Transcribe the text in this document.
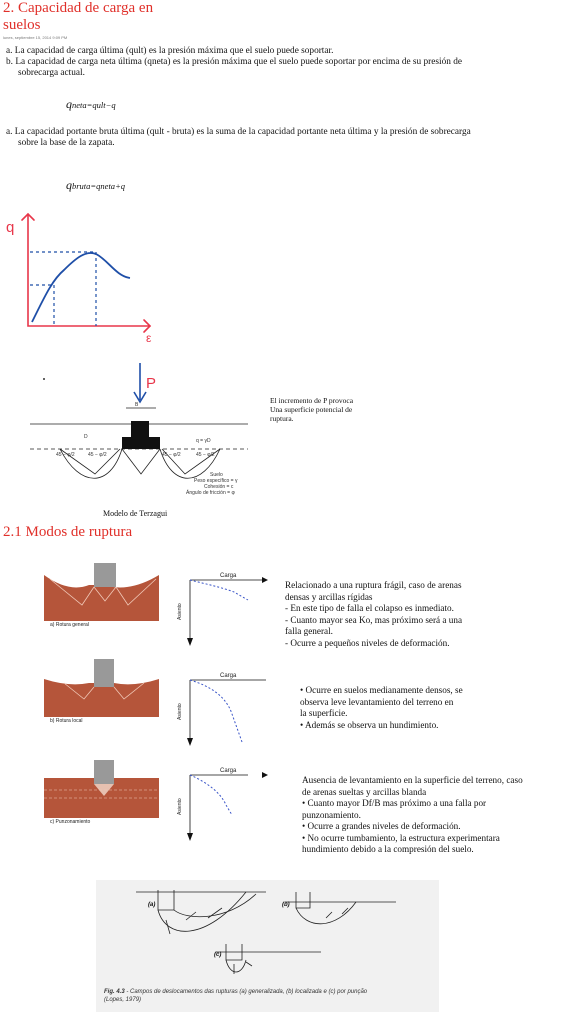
2. Capacidad de carga en
suelos
lunes, septiembre 15, 2014 9:09 PM
a. La capacidad de carga última (qult) es la presión máxima que el suelo puede soportar.
b. La capacidad de carga neta última (qneta) es la presión máxima que el suelo puede soportar por encima de su presión de
sobrecarga actual.
qneta=qult−q
a. La capacidad portante bruta última (qult - bruta) es la suma de la capacidad portante neta última y la presión de sobrecarga
sobre la base de la zapata.
qbruta=qneta+q
q
ε
P
B
D
q = γD
45 − φ/2	45 − φ/2	45 − φ/2	45 − φ/2
Suelo
Peso específico = γ
Cohesión = c
Ángulo de fricción = φ
El incremento de P provoca
Una superficie potencial de
ruptura.
Modelo de Terzagui
2.1 Modos de ruptura
a) Rotura general
Carga
Asiento
Relacionado a una ruptura frágil, caso de arenas
densas y arcillas rígidas
- En este tipo de falla el colapso es inmediato.
- Cuanto mayor sea Ko, mas próximo será a una
falla general.
- Ocurre a pequeños niveles de deformación.
b) Rotura local
Carga
Asiento
• Ocurre en suelos medianamente densos, se
observa leve levantamiento del terreno en
la superficie.
• Además se observa un hundimiento.
c) Punzonamiento
Carga
Asiento
Ausencia de levantamiento en la superficie del terreno, caso
de arenas sueltas y arcillas blanda
• Cuanto mayor Df/B mas próximo a una falla por
punzonamiento.
• Ocurre a grandes niveles de deformación.
• No ocurre tumbamiento, la estructura experimentara
hundimiento debido a la compresión del suelo.
(a)	(b)
(c)
Fig. 4.3 - Campos de deslocamentos das rupturas (a) generalizada, (b) localizada e (c) por punção
(Lopes, 1979)
